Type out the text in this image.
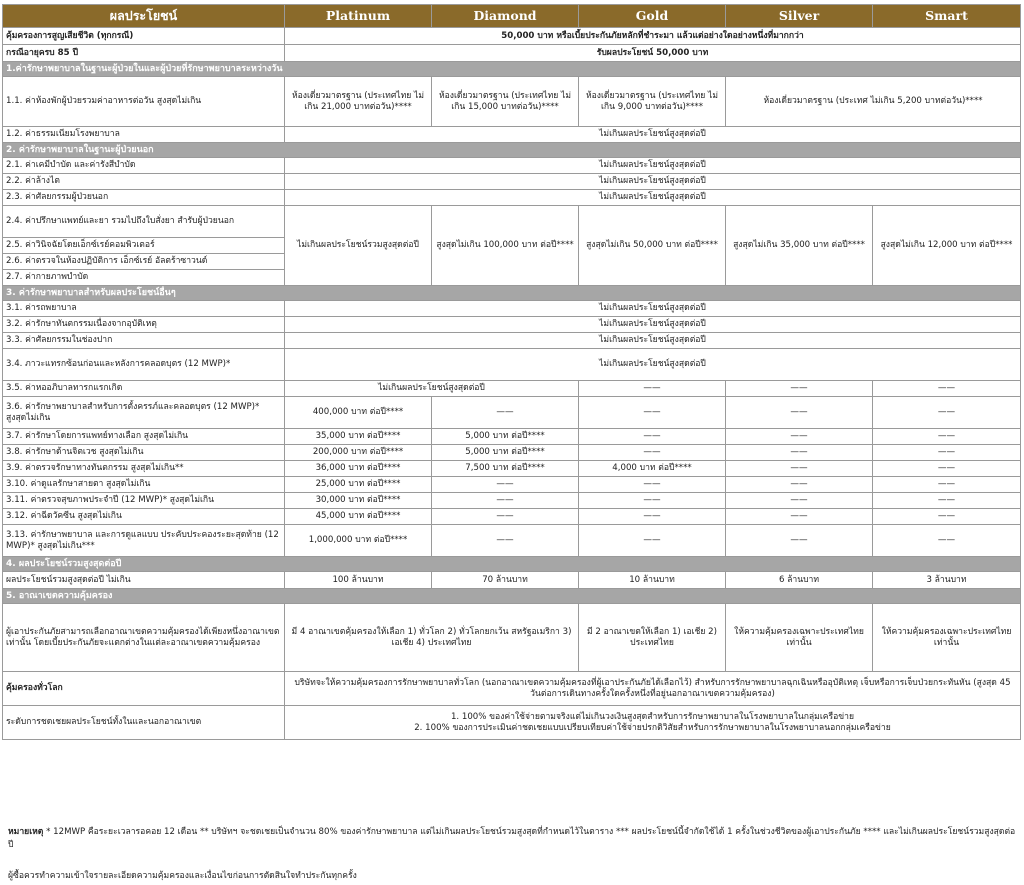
ผลประโยชน์	Platinum	Diamond	Gold	Silver	Smart
คุ้มครองการสูญเสียชีวิต (ทุกกรณี)	50,000 บาท หรือเบี้ยประกันภัยหลักที่ชำระมา แล้วแต่อย่างใดอย่างหนึ่งที่มากกว่า				
กรณีอายุครบ 85 ปี	รับผลประโยชน์ 50,000 บาท				
1.ค่ารักษาพยาบาลในฐานะผู้ป่วยในและผู้ป่วยที่รักษาพยาบาลระหว่างวัน					
1.1. ค่าห้องพักผู้ป่วยรวมค่าอาหารต่อวัน สูงสุดไม่เกิน	ห้องเดี่ยวมาตรฐาน (ประเทศไทย ไม่เกิน 21,000 บาทต่อวัน)****	ห้องเดี่ยวมาตรฐาน (ประเทศไทย ไม่เกิน 15,000 บาทต่อวัน)****	ห้องเดี่ยวมาตรฐาน (ประเทศไทย ไม่เกิน 9,000 บาทต่อวัน)****	ห้องเดี่ยวมาตรฐาน (ประเทศ ไม่เกิน 5,200 บาทต่อวัน)****	
1.2. ค่าธรรมเนียมโรงพยาบาล	ไม่เกินผลประโยชน์สูงสุดต่อปี				
2. ค่ารักษาพยาบาลในฐานะผู้ป่วยนอก					
2.1. ค่าเคมีบำบัด และค่ารังสีบำบัด	ไม่เกินผลประโยชน์สูงสุดต่อปี				
2.2. ค่าล้างไต	ไม่เกินผลประโยชน์สูงสุดต่อปี				
2.3. ค่าศัลยกรรมผู้ป่วยนอก	ไม่เกินผลประโยชน์สูงสุดต่อปี				
2.4. ค่าปรึกษาแพทย์และยา รวมไปถึงใบสั่งยา สำรับผู้ป่วยนอก	ไม่เกินผลประโยชน์รวมสูงสุดต่อปี	สูงสุดไม่เกิน 100,000 บาท ต่อปี****	สูงสุดไม่เกิน 50,000 บาท ต่อปี****	สูงสุดไม่เกิน 35,000 บาท ต่อปี****	สูงสุดไม่เกิน 12,000 บาท ต่อปี****
2.5. ค่าวินิจฉัยโดยเอ็กซ์เรย์คอมพิวเตอร์					
2.6. ค่าตรวจในห้องปฏิบัติการ เอ็กซ์เรย์ อัลตร้าซาวนด์					
2.7. ค่ากายภาพบำบัด					
3. ค่ารักษาพยาบาลสำหรับผลประโยชน์อื่นๆ					
3.1. ค่ารถพยาบาล	ไม่เกินผลประโยชน์สูงสุดต่อปี				
3.2. ค่ารักษาทันตกรรมเนื่องจากอุบัติเหตุ	ไม่เกินผลประโยชน์สูงสุดต่อปี				
3.3. ค่าศัลยกรรมในช่องปาก	ไม่เกินผลประโยชน์สูงสุดต่อปี				
3.4. ภาวะแทรกซ้อนก่อนและหลังการคลอดบุตร (12 MWP)*	ไม่เกินผลประโยชน์สูงสุดต่อปี				
3.5. ค่าหออภิบาลทารกแรกเกิด	ไม่เกินผลประโยชน์สูงสุดต่อปี		——	——	——
3.6. ค่ารักษาพยาบาลสำหรับการตั้งครรภ์และคลอดบุตร (12 MWP)* สูงสุดไม่เกิน	400,000 บาท ต่อปี****	——	——	——	——
3.7. ค่ารักษาโดยการแพทย์ทางเลือก สูงสุดไม่เกิน	35,000 บาท ต่อปี****	5,000 บาท ต่อปี****	——	——	——
3.8. ค่ารักษาด้านจิตเวช สูงสุดไม่เกิน	200,000 บาท ต่อปี****	5,000 บาท ต่อปี****	——	——	——
3.9. ค่าตรวจรักษาทางทันตกรรม สูงสุดไม่เกิน**	36,000 บาท ต่อปี****	7,500 บาท ต่อปี****	4,000 บาท ต่อปี****	——	——
3.10. ค่าดูแลรักษาสายตา สูงสุดไม่เกิน	25,000 บาท ต่อปี****	——	——	——	——
3.11. ค่าตรวจสุขภาพประจำปี (12 MWP)* สูงสุดไม่เกิน	30,000 บาท ต่อปี****	——	——	——	——
3.12. ค่าฉีดวัคซีน สูงสุดไม่เกิน	45,000 บาท ต่อปี****	——	——	——	——
3.13. ค่ารักษาพยาบาล และการดูแลแบบ ประคับประคองระยะสุดท้าย (12 MWP)* สูงสุดไม่เกิน***	1,000,000 บาท ต่อปี****	——	——	——	——
4. ผลประโยชน์รวมสูงสุดต่อปี					
ผลประโยชน์รวมสูงสุดต่อปี ไม่เกิน	100 ล้านบาท	70 ล้านบาท	10 ล้านบาท	6 ล้านบาท	3 ล้านบาท
5. อาณาเขตความคุ้มครอง					
ผู้เอาประกันภัยสามารถเลือกอาณาเขตความคุ้มครองได้เพียงหนึ่งอาณาเขตเท่านั้น โดยเบี้ยประกันภัยจะแตกต่างในแต่ละอาณาเขตความคุ้มครอง	มี 4 อาณาเขตคุ้มครองให้เลือก 1) ทั่วโลก 2) ทั่วโลกยกเว้น สหรัฐอเมริกา 3) เอเชีย 4) ประเทศไทย		มี 2 อาณาเขตให้เลือก 1) เอเชีย 2) ประเทศไทย	ให้ความคุ้มครองเฉพาะประเทศไทยเท่านั้น	ให้ความคุ้มครองเฉพาะประเทศไทยเท่านั้น
คุ้มครองทั่วโลก	บริษัทจะให้ความคุ้มครองการรักษาพยาบาลทั่วโลก (นอกอาณาเขตความคุ้มครองที่ผู้เอาประกันภัยได้เลือกไว้) สำหรับการรักษาพยาบาลฉุกเฉินหรืออุบัติเหตุ เจ็บหรือการเจ็บป่วยกระทันหัน (สูงสุด 45 วันต่อการเดินทางครั้งใดครั้งหนึ่งที่อยู่นอกอาณาเขตความคุ้มครอง)				
ระดับการชดเชยผลประโยชน์ทั้งในและนอกอาณาเขต	1. 100% ของค่าใช้จ่ายตามจริงแต่ไม่เกินวงเงินสูงสุดสำหรับการรักษาพยาบาลในโรงพยาบาลในกลุ่มเครือข่าย
2. 100% ของการประเมินค่าชดเชยแบบเปรียบเทียบค่าใช้จ่ายปรกติวิสัยสำหรับการรักษาพยาบาลในโรงพยาบาลนอกกลุ่มเครือข่าย				
หมายเหตุ * 12MWP คือระยะเวลารอคอย 12 เดือน ** บริษัทฯ จะชดเชยเป็นจำนวน 80% ของค่ารักษาพยาบาล แต่ไม่เกินผลประโยชน์รวมสูงสุดที่กำหนดไว้ในตาราง *** ผลประโยชน์นี้จำกัดใช้ได้ 1 ครั้งในช่วงชีวิตของผู้เอาประกันภัย **** และไม่เกินผลประโยชน์รวมสูงสุดต่อปี
ผู้ซื้อควรทำความเข้าใจรายละเอียดความคุ้มครองและเงื่อนไขก่อนการตัดสินใจทำประกันทุกครั้ง
